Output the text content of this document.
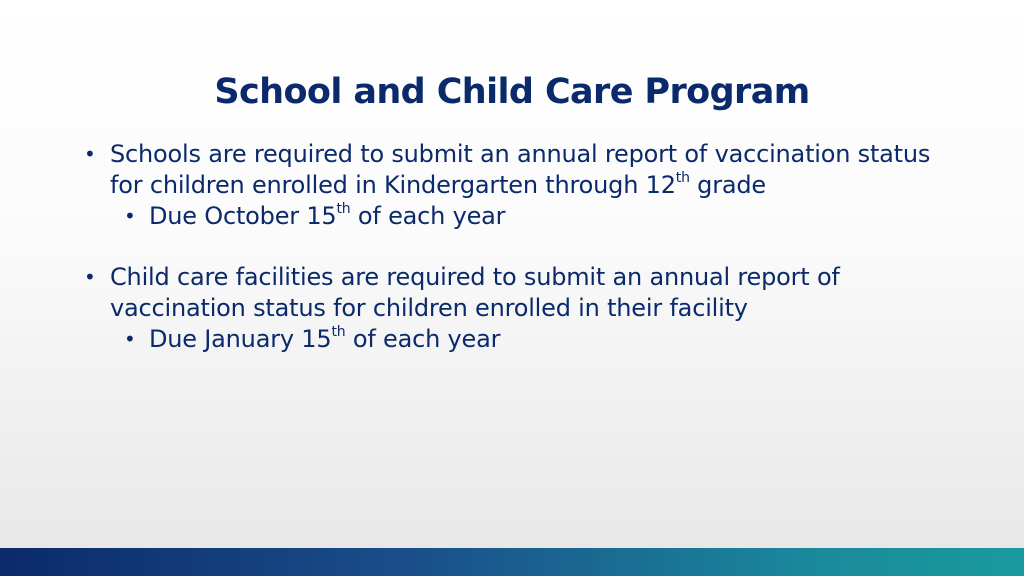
School and Child Care Program
• Schools are required to submit an annual report of vaccination status for children enrolled in Kindergarten through 12th grade
• Due October 15th of each year
• Child care facilities are required to submit an annual report of vaccination status for children enrolled in their facility
• Due January 15th of each year
